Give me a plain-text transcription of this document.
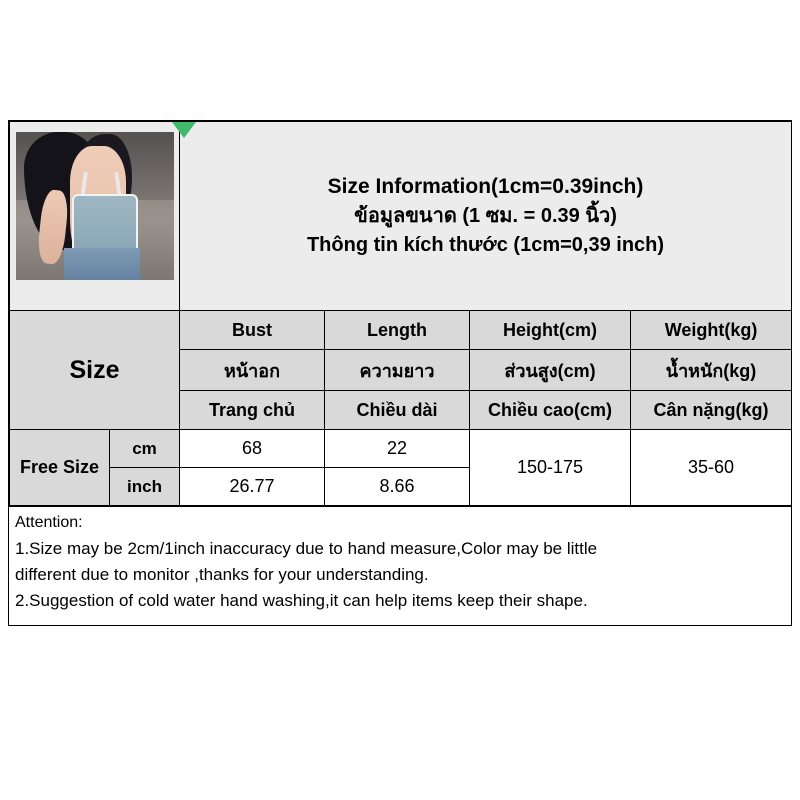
		Size Information(1cm=0.39inch)
ข้อมูลขนาด (1 ซม. = 0.39 นิ้ว)
Thông tin kích thước (1cm=0,39 inch)			

Size		Bust	Length	Height(cm)	Weight(kg)
		หน้าอก	ความยาว	ส่วนสูง(cm)	น้ำหนัก(kg)
		Trang chủ	Chiều dài	Chiều cao(cm)	Cân nặng(kg)
Free Size	cm	68	22	150-175	35-60
	inch	26.77	8.66		
Attention:
1.Size may be 2cm/1inch inaccuracy due to hand measure,Color may be little
different due to monitor ,thanks for your understanding.
2.Suggestion of cold water hand washing,it can help items keep their shape.
